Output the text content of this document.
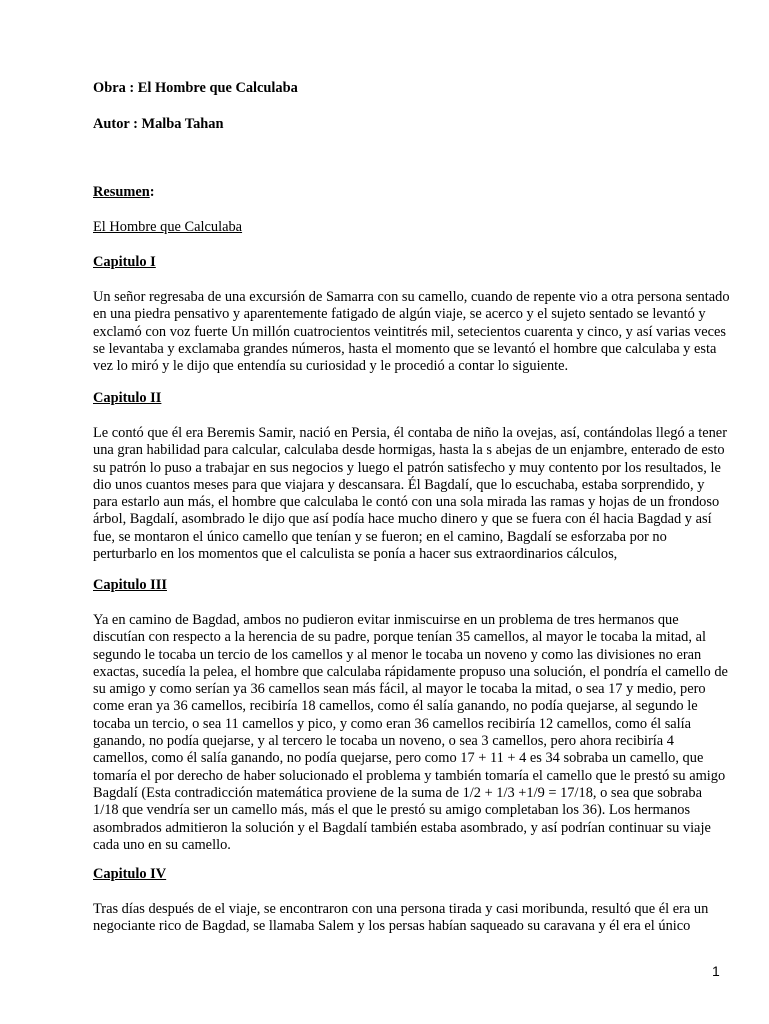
Obra : El Hombre que Calculaba
Autor : Malba Tahan
Resumen:
El Hombre que Calculaba
Capitulo I
Un señor regresaba de una excursión de Samarra con su camello, cuando de repente vio a otra persona sentado
en una piedra pensativo y aparentemente fatigado de algún viaje, se acerco y el sujeto sentado se levantó y
exclamó con voz fuerte Un millón cuatrocientos veintitrés mil, setecientos cuarenta y cinco, y así varias veces
se levantaba y exclamaba grandes números, hasta el momento que se levantó el hombre que calculaba y esta
vez lo miró y le dijo que entendía su curiosidad y le procedió a contar lo siguiente.
Capitulo II
Le contó que él era Beremis Samir, nació en Persia, él contaba de niño la ovejas, así, contándolas llegó a tener
una gran habilidad para calcular, calculaba desde hormigas, hasta la s abejas de un enjambre, enterado de esto
su patrón lo puso a trabajar en sus negocios y luego el patrón satisfecho y muy contento por los resultados, le
dio unos cuantos meses para que viajara y descansara. Él Bagdalí, que lo escuchaba, estaba sorprendido, y
para estarlo aun más, el hombre que calculaba le contó con una sola mirada las ramas y hojas de un frondoso
árbol, Bagdalí, asombrado le dijo que así podía hace mucho dinero y que se fuera con él hacia Bagdad y así
fue, se montaron el único camello que tenían y se fueron; en el camino, Bagdalí se esforzaba por no
perturbarlo en los momentos que el calculista se ponía a hacer sus extraordinarios cálculos,
Capitulo III
Ya en camino de Bagdad, ambos no pudieron evitar inmiscuirse en un problema de tres hermanos que
discutían con respecto a la herencia de su padre, porque tenían 35 camellos, al mayor le tocaba la mitad, al
segundo le tocaba un tercio de los camellos y al menor le tocaba un noveno y como las divisiones no eran
exactas, sucedía la pelea, el hombre que calculaba rápidamente propuso una solución, el pondría el camello de
su amigo y como serían ya 36 camellos sean más fácil, al mayor le tocaba la mitad, o sea 17 y medio, pero
come eran ya 36 camellos, recibiría 18 camellos, como él salía ganando, no podía quejarse, al segundo le
tocaba un tercio, o sea 11 camellos y pico, y como eran 36 camellos recibiría 12 camellos, como él salía
ganando, no podía quejarse, y al tercero le tocaba un noveno, o sea 3 camellos, pero ahora recibiría 4
camellos, como él salía ganando, no podía quejarse, pero como 17 + 11 + 4 es 34 sobraba un camello, que
tomaría el por derecho de haber solucionado el problema y también tomaría el camello que le prestó su amigo
Bagdalí (Esta contradicción matemática proviene de la suma de 1/2 + 1/3 +1/9 = 17/18, o sea que sobraba
1/18 que vendría ser un camello más, más el que le prestó su amigo completaban los 36). Los hermanos
asombrados admitieron la solución y el Bagdalí también estaba asombrado, y así podrían continuar su viaje
cada uno en su camello.
Capitulo IV
Tras días después de el viaje, se encontraron con una persona tirada y casi moribunda, resultó que él era un
negociante rico de Bagdad, se llamaba Salem y los persas habían saqueado su caravana y él era el único
1
